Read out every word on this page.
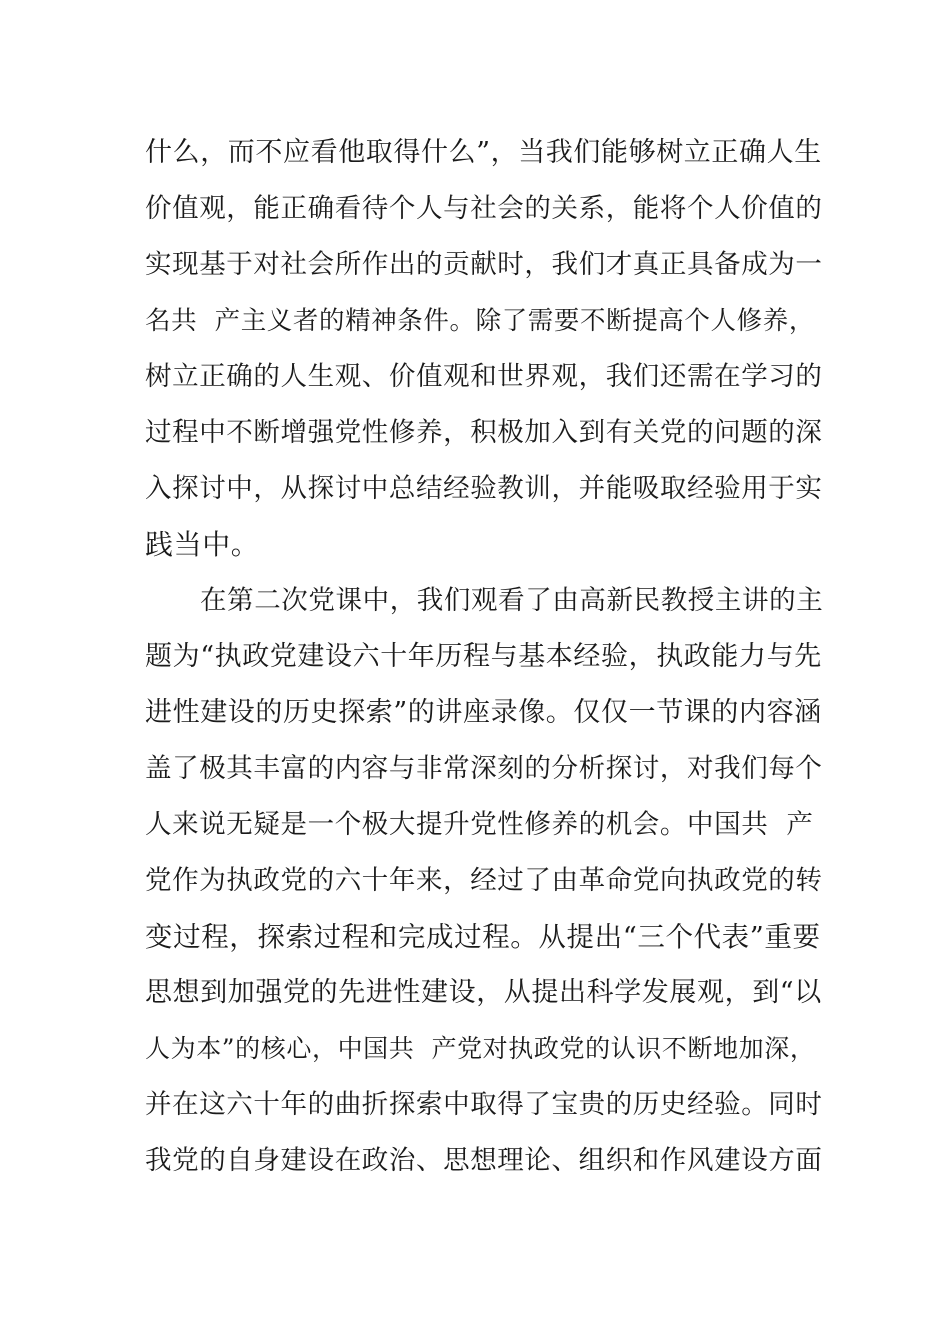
什么，而不应看他取得什么”，当我们能够树立正确人生
价值观，能正确看待个人与社会的关系，能将个人价值的
实现基于对社会所作出的贡献时，我们才真正具备成为一
名共  产主义者的精神条件。除了需要不断提高个人修养，
树立正确的人生观、价值观和世界观，我们还需在学习的
过程中不断增强党性修养，积极加入到有关党的问题的深
入探讨中，从探讨中总结经验教训，并能吸取经验用于实
践当中。
在第二次党课中，我们观看了由高新民教授主讲的主
题为“执政党建设六十年历程与基本经验，执政能力与先
进性建设的历史探索”的讲座录像。仅仅一节课的内容涵
盖了极其丰富的内容与非常深刻的分析探讨，对我们每个
人来说无疑是一个极大提升党性修养的机会。中国共  产
党作为执政党的六十年来，经过了由革命党向执政党的转
变过程，探索过程和完成过程。从提出“三个代表”重要
思想到加强党的先进性建设，从提出科学发展观，到“以
人为本”的核心，中国共  产党对执政党的认识不断地加深，
并在这六十年的曲折探索中取得了宝贵的历史经验。同时
我党的自身建设在政治、思想理论、组织和作风建设方面
